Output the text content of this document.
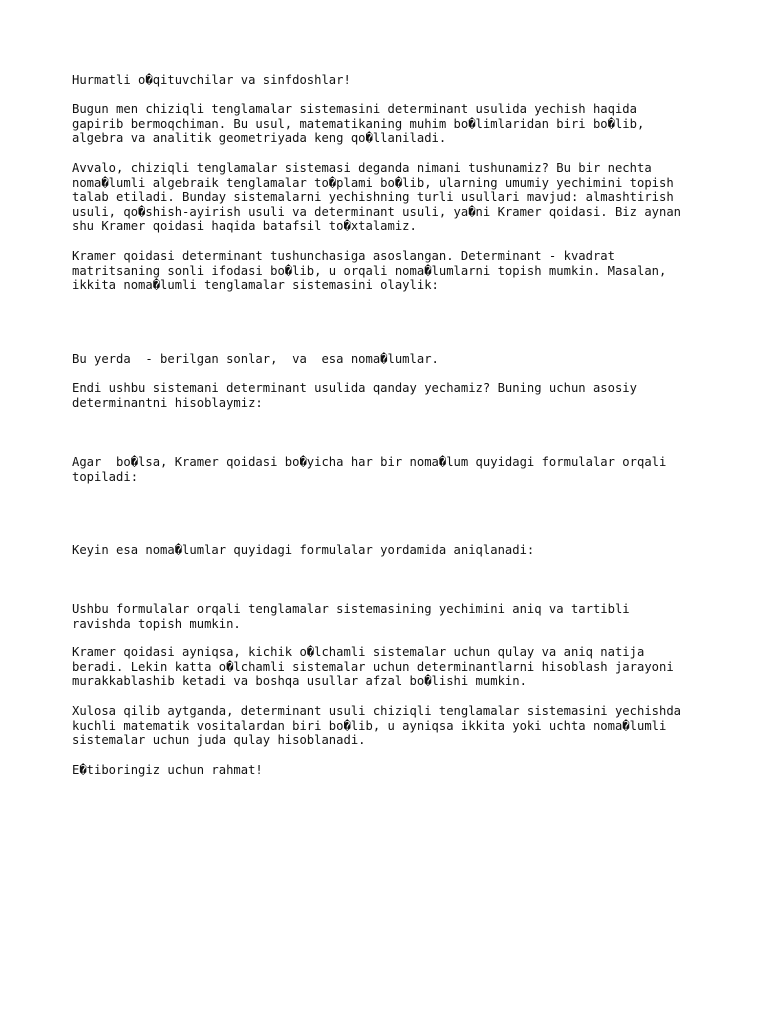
Hurmatli o�qituvchilar va sinfdoshlar!

Bugun men chiziqli tenglamalar sistemasini determinant usulida yechish haqida
gapirib bermoqchiman. Bu usul, matematikaning muhim bo�limlaridan biri bo�lib,
algebra va analitik geometriyada keng qo�llaniladi.

Avvalo, chiziqli tenglamalar sistemasi deganda nimani tushunamiz? Bu bir nechta
noma�lumli algebraik tenglamalar to�plami bo�lib, ularning umumiy yechimini topish
talab etiladi. Bunday sistemalarni yechishning turli usullari mavjud: almashtirish
usuli, qo�shish-ayirish usuli va determinant usuli, ya�ni Kramer qoidasi. Biz aynan
shu Kramer qoidasi haqida batafsil to�xtalamiz.

Kramer qoidasi determinant tushunchasiga asoslangan. Determinant - kvadrat
matritsaning sonli ifodasi bo�lib, u orqali noma�lumlarni topish mumkin. Masalan,
ikkita noma�lumli tenglamalar sistemasini olaylik:

Bu yerda  - berilgan sonlar,  va  esa noma�lumlar.

Endi ushbu sistemani determinant usulida qanday yechamiz? Buning uchun asosiy
determinantni hisoblaymiz:

Agar  bo�lsa, Kramer qoidasi bo�yicha har bir noma�lum quyidagi formulalar orqali
topiladi:

Keyin esa noma�lumlar quyidagi formulalar yordamida aniqlanadi:

Ushbu formulalar orqali tenglamalar sistemasining yechimini aniq va tartibli
ravishda topish mumkin.

Kramer qoidasi ayniqsa, kichik o�lchamli sistemalar uchun qulay va aniq natija
beradi. Lekin katta o�lchamli sistemalar uchun determinantlarni hisoblash jarayoni
murakkablashib ketadi va boshqa usullar afzal bo�lishi mumkin.

Xulosa qilib aytganda, determinant usuli chiziqli tenglamalar sistemasini yechishda
kuchli matematik vositalardan biri bo�lib, u ayniqsa ikkita yoki uchta noma�lumli
sistemalar uchun juda qulay hisoblanadi.

E�tiboringiz uchun rahmat!
